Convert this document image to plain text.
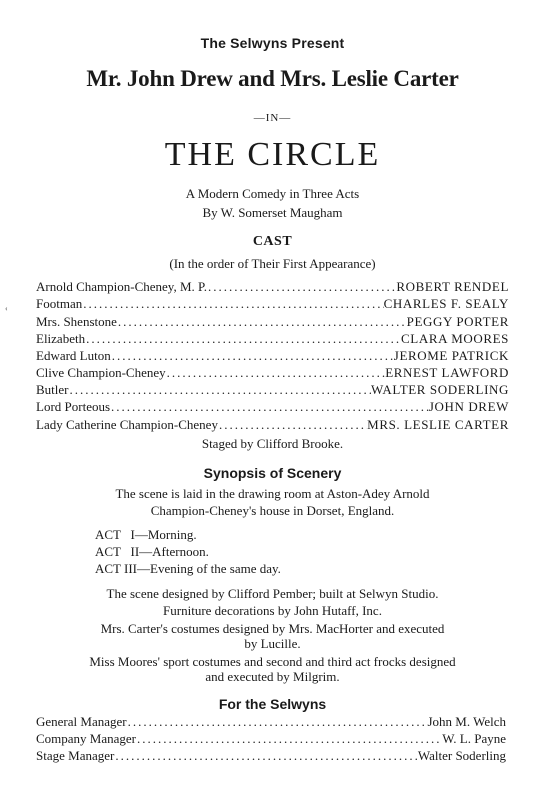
‹
The Selwyns Present
Mr. John Drew and Mrs. Leslie Carter
—IN—
THE CIRCLE
A Modern Comedy in Three Acts
By W. Somerset Maugham
CAST
(In the order of Their First Appearance)
Arnold Champion-Cheney, M. P. .....	ROBERT RENDEL
Footman .....	CHARLES F. SEALY
Mrs. Shenstone .....	PEGGY PORTER
Elizabeth .....	CLARA MOORES
Edward Luton .....	JEROME PATRICK
Clive Champion-Cheney .....	ERNEST LAWFORD
Butler .....	WALTER SODERLING
Lord Porteous .....	JOHN DREW
Lady Catherine Champion-Cheney .....	MRS. LESLIE CARTER
Staged by Clifford Brooke.
Synopsis of Scenery
The scene is laid in the drawing room at Aston-Adey Arnold
Champion-Cheney's house in Dorset, England.
ACT   I—Morning.
ACT   II—Afternoon.
ACT III—Evening of the same day.
The scene designed by Clifford Pember; built at Selwyn Studio.
Furniture decorations by John Hutaff, Inc.
Mrs. Carter's costumes designed by Mrs. MacHorter and executed
by Lucille.
Miss Moores' sport costumes and second and third act frocks designed
and executed by Milgrim.
For the Selwyns
General Manager .....	John M. Welch
Company Manager .....	W. L. Payne
Stage Manager .....	Walter Soderling
